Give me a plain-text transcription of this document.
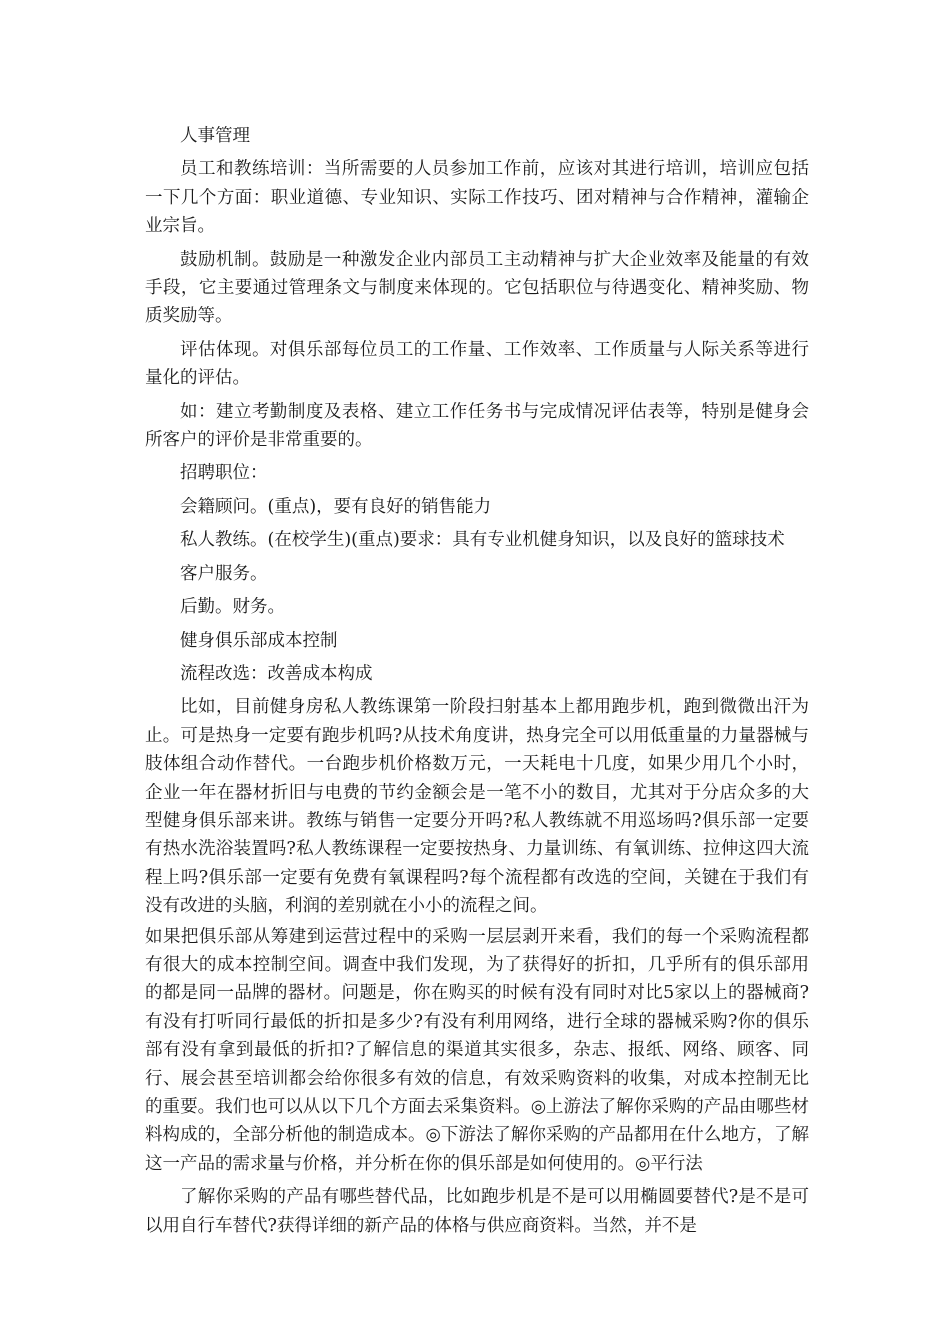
人事管理

员工和教练培训：当所需要的人员参加工作前，应该对其进行培训，培训应包括一下几个方面：职业道德、专业知识、实际工作技巧、团对精神与合作精神，灌输企业宗旨。

鼓励机制。鼓励是一种激发企业内部员工主动精神与扩大企业效率及能量的有效手段，它主要通过管理条文与制度来体现的。它包括职位与待遇变化、精神奖励、物质奖励等。

评估体现。对俱乐部每位员工的工作量、工作效率、工作质量与人际关系等进行量化的评估。

如：建立考勤制度及表格、建立工作任务书与完成情况评估表等，特别是健身会所客户的评价是非常重要的。

招聘职位：

会籍顾问。(重点)，要有良好的销售能力

私人教练。(在校学生)(重点)要求：具有专业机健身知识，以及良好的篮球技术

客户服务。

后勤。财务。

健身俱乐部成本控制

流程改选：改善成本构成

比如，目前健身房私人教练课第一阶段扫射基本上都用跑步机，跑到微微出汗为止。可是热身一定要有跑步机吗?从技术角度讲，热身完全可以用低重量的力量器械与肢体组合动作替代。一台跑步机价格数万元，一天耗电十几度，如果少用几个小时，企业一年在器材折旧与电费的节约金额会是一笔不小的数目，尤其对于分店众多的大型健身俱乐部来讲。教练与销售一定要分开吗?私人教练就不用巡场吗?俱乐部一定要有热水洗浴装置吗?私人教练课程一定要按热身、力量训练、有氧训练、拉伸这四大流程上吗?俱乐部一定要有免费有氧课程吗?每个流程都有改选的空间，关键在于我们有没有改进的头脑，利润的差别就在小小的流程之间。

如果把俱乐部从筹建到运营过程中的采购一层层剥开来看，我们的每一个采购流程都有很大的成本控制空间。调查中我们发现，为了获得好的折扣，几乎所有的俱乐部用的都是同一品牌的器材。问题是，你在购买的时候有没有同时对比5家以上的器械商?有没有打听同行最低的折扣是多少?有没有利用网络，进行全球的器械采购?你的俱乐部有没有拿到最低的折扣?了解信息的渠道其实很多，杂志、报纸、网络、顾客、同行、展会甚至培训都会给你很多有效的信息，有效采购资料的收集，对成本控制无比的重要。我们也可以从以下几个方面去采集资料。◎上游法了解你采购的产品由哪些材料构成的，全部分析他的制造成本。◎下游法了解你采购的产品都用在什么地方，了解这一产品的需求量与价格，并分析在你的俱乐部是如何使用的。◎平行法

了解你采购的产品有哪些替代品，比如跑步机是不是可以用椭圆要替代?是不是可以用自行车替代?获得详细的新产品的体格与供应商资料。当然，并不是
